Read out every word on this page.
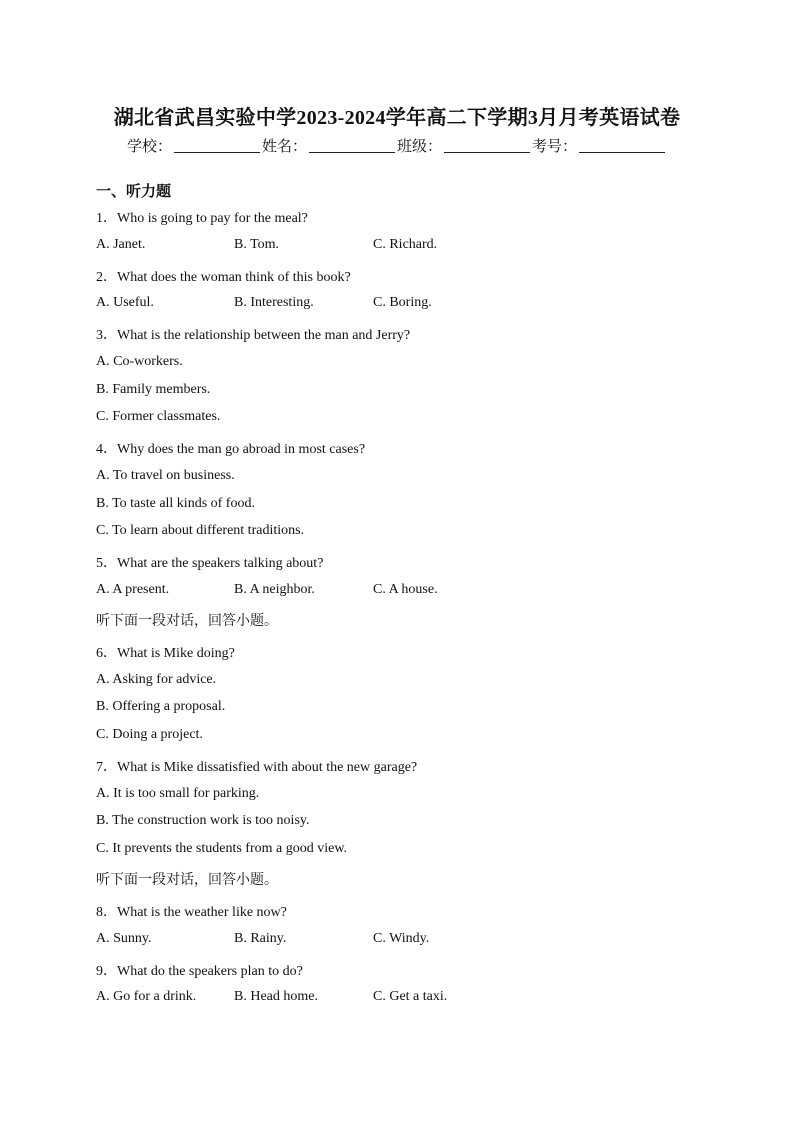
湖北省武昌实验中学2023-2024学年高二下学期3月月考英语试卷
学校：	姓名：	班级：	考号：
一、听力题
1．Who is going to pay for the meal?
A. Janet.	B. Tom.	C. Richard.
2．What does the woman think of this book?
A. Useful.	B. Interesting.	C. Boring.
3．What is the relationship between the man and Jerry?
A. Co-workers.
B. Family members.
C. Former classmates.
4．Why does the man go abroad in most cases?
A. To travel on business.
B. To taste all kinds of food.
C. To learn about different traditions.
5．What are the speakers talking about?
A. A present.	B. A neighbor.	C. A house.
听下面一段对话，回答小题。
6．What is Mike doing?
A. Asking for advice.
B. Offering a proposal.
C. Doing a project.
7．What is Mike dissatisfied with about the new garage?
A. It is too small for parking.
B. The construction work is too noisy.
C. It prevents the students from a good view.
听下面一段对话，回答小题。
8．What is the weather like now?
A. Sunny.	B. Rainy.	C. Windy.
9．What do the speakers plan to do?
A. Go for a drink.	B. Head home.	C. Get a taxi.
